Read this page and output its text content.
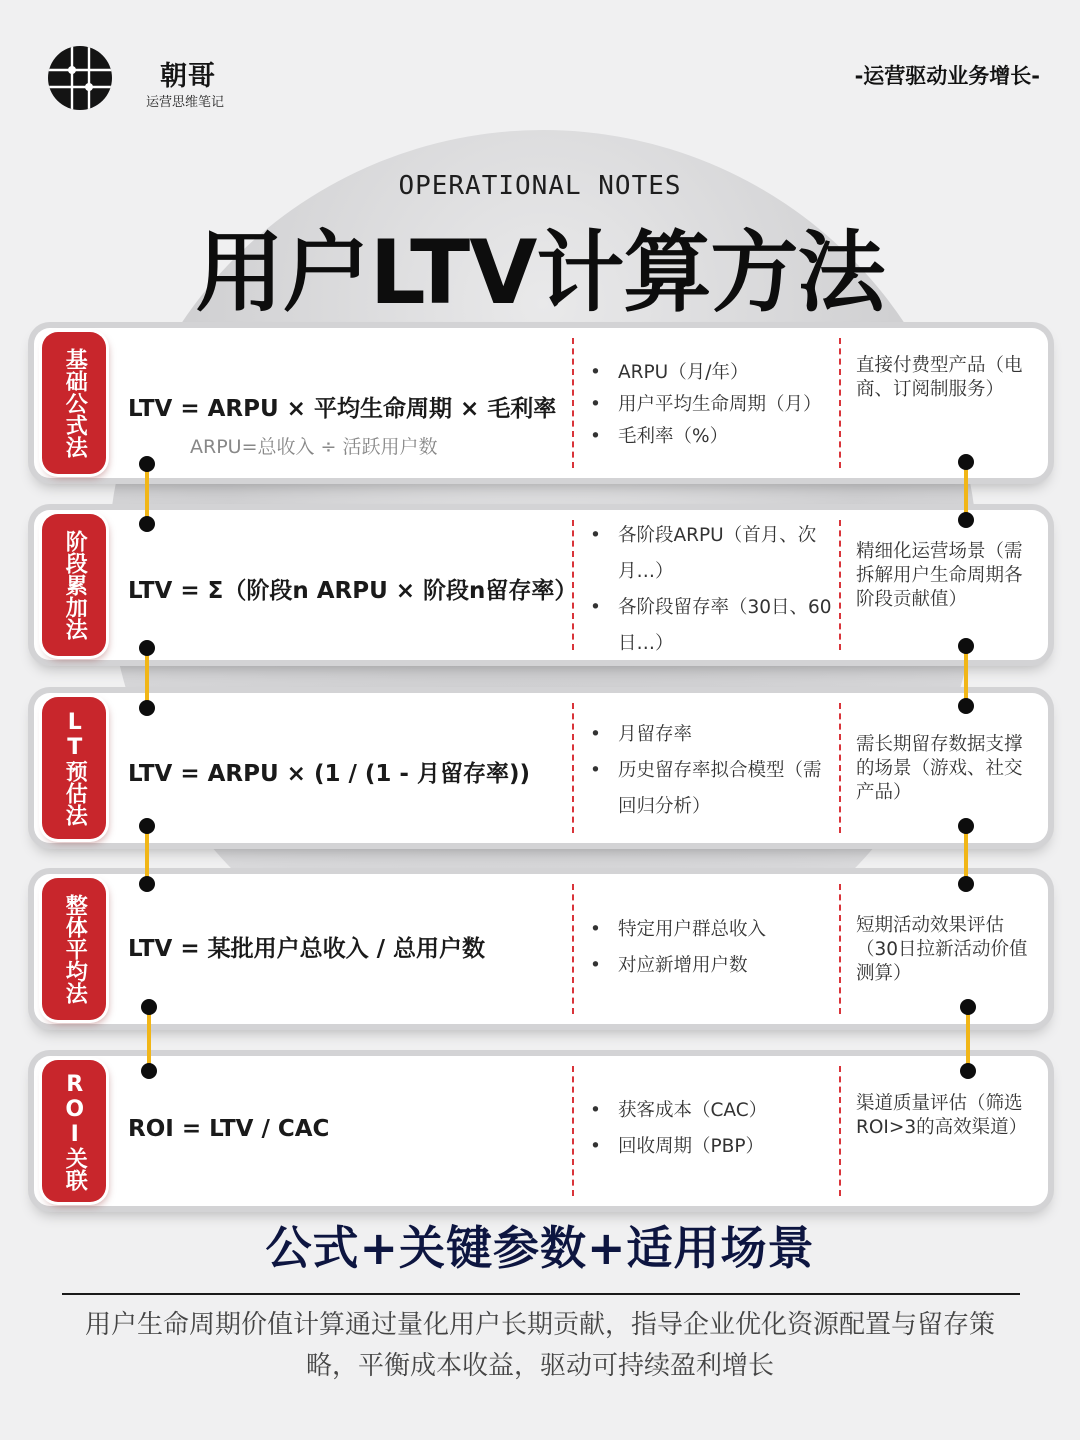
朝哥
运营思维笔记
-运营驱动业务增长-
OPERATIONAL NOTES
用户LTV计算方法
基础公式法	LTV = ARPU × 平均生命周期 × 毛利率
ARPU=总收入 ÷ 活跃用户数
• ARPU（月/年）
• 用户平均生命周期（月）
• 毛利率（%）
直接付费型产品（电商、订阅制服务）
阶段累加法	LTV = Σ（阶段n ARPU × 阶段n留存率）
• 各阶段ARPU（首月、次月…）
• 各阶段留存率（30日、60日…）
精细化运营场景（需拆解用户生命周期各阶段贡献值）
LT预估法	LTV = ARPU × (1 / (1 - 月留存率))
• 月留存率
• 历史留存率拟合模型（需回归分析）
需长期留存数据支撑的场景（游戏、社交产品）
整体平均法	LTV = 某批用户总收入 / 总用户数
• 特定用户群总收入
• 对应新增用户数
短期活动效果评估（30日拉新活动价值测算）
ROI关联	ROI = LTV / CAC
• 获客成本（CAC）
• 回收周期（PBP）
渠道质量评估（筛选ROI>3的高效渠道）
公式+关键参数+适用场景
用户生命周期价值计算通过量化用户长期贡献，指导企业优化资源配置与留存策略，平衡成本收益，驱动可持续盈利增长
